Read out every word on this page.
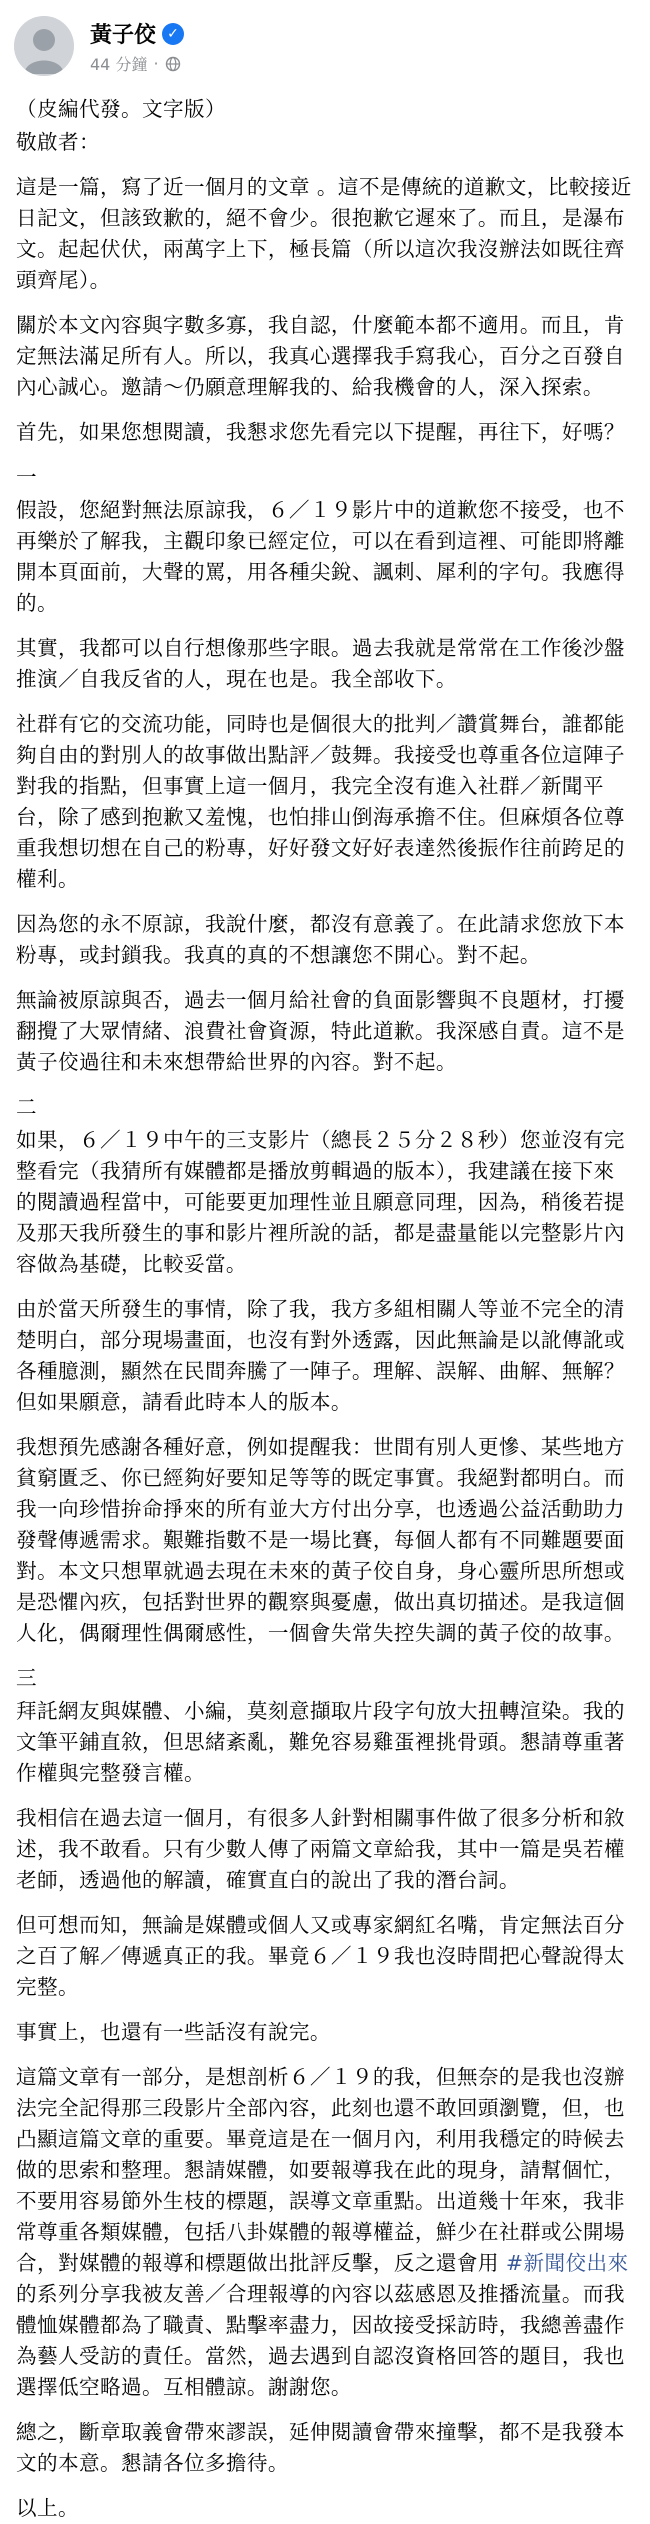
黃子佼 ✓
44 分鐘 ·

（皮編代發。文字版）

敬啟者：

這是一篇，寫了近一個月的文章 。這不是傳統的道歉文，比較接近日記文，但該致歉的，絕不會少。很抱歉它遲來了。而且，是瀑布文。起起伏伏，兩萬字上下，極長篇（所以這次我沒辦法如既往齊頭齊尾）。

關於本文內容與字數多寡，我自認，什麼範本都不適用。而且，肯定無法滿足所有人。所以，我真心選擇我手寫我心，百分之百發自內心誠心。邀請～仍願意理解我的、給我機會的人，深入探索。

首先，如果您想閱讀，我懇求您先看完以下提醒，再往下，好嗎？

一

假設，您絕對無法原諒我，６／１９影片中的道歉您不接受，也不再樂於了解我，主觀印象已經定位，可以在看到這裡、可能即將離開本頁面前，大聲的罵，用各種尖銳、諷刺、犀利的字句。我應得的。

其實，我都可以自行想像那些字眼。過去我就是常常在工作後沙盤推演／自我反省的人，現在也是。我全部收下。

社群有它的交流功能，同時也是個很大的批判／讚賞舞台，誰都能夠自由的對別人的故事做出點評／鼓舞。我接受也尊重各位這陣子對我的指點，但事實上這一個月，我完全沒有進入社群／新聞平台，除了感到抱歉又羞愧，也怕排山倒海承擔不住。但麻煩各位尊重我想切想在自己的粉專，好好發文好好表達然後振作往前跨足的權利。

因為您的永不原諒，我說什麼，都沒有意義了。在此請求您放下本粉專，或封鎖我。我真的真的不想讓您不開心。對不起。

無論被原諒與否，過去一個月給社會的負面影響與不良題材，打擾翻攪了大眾情緒、浪費社會資源，特此道歉。我深感自責。這不是黃子佼過往和未來想帶給世界的內容。對不起。

二

如果，６／１９中午的三支影片（總長２５分２８秒）您並沒有完整看完（我猜所有媒體都是播放剪輯過的版本），我建議在接下來的閱讀過程當中，可能要更加理性並且願意同理，因為，稍後若提及那天我所發生的事和影片裡所說的話，都是盡量能以完整影片內容做為基礎，比較妥當。

由於當天所發生的事情，除了我，我方多組相關人等並不完全的清楚明白，部分現場畫面，也沒有對外透露，因此無論是以訛傳訛或各種臆測，顯然在民間奔騰了一陣子。理解、誤解、曲解、無解？但如果願意，請看此時本人的版本。

我想預先感謝各種好意，例如提醒我：世間有別人更慘、某些地方貧窮匱乏、你已經夠好要知足等等的既定事實。我絕對都明白。而我一向珍惜拚命掙來的所有並大方付出分享，也透過公益活動助力發聲傳遞需求。艱難指數不是一場比賽，每個人都有不同難題要面對。本文只想單就過去現在未來的黃子佼自身，身心靈所思所想或是恐懼內疚，包括對世界的觀察與憂慮，做出真切描述。是我這個人化，偶爾理性偶爾感性，一個會失常失控失調的黃子佼的故事。

三

拜託網友與媒體、小編，莫刻意擷取片段字句放大扭轉渲染。我的文筆平鋪直敘，但思緒紊亂，難免容易雞蛋裡挑骨頭。懇請尊重著作權與完整發言權。

我相信在過去這一個月，有很多人針對相關事件做了很多分析和敘述，我不敢看。只有少數人傳了兩篇文章給我，其中一篇是吳若權老師，透過他的解讀，確實直白的說出了我的潛台詞。

但可想而知，無論是媒體或個人又或專家網紅名嘴，肯定無法百分之百了解／傳遞真正的我。畢竟６／１９我也沒時間把心聲說得太完整。

事實上，也還有一些話沒有說完。

這篇文章有一部分，是想剖析６／１９的我，但無奈的是我也沒辦法完全記得那三段影片全部內容，此刻也還不敢回頭瀏覽，但，也凸顯這篇文章的重要。畢竟這是在一個月內，利用我穩定的時候去做的思索和整理。懇請媒體，如要報導我在此的現身，請幫個忙，不要用容易節外生枝的標題，誤導文章重點。出道幾十年來，我非常尊重各類媒體，包括八卦媒體的報導權益，鮮少在社群或公開場合，對媒體的報導和標題做出批評反擊，反之還會用 #新聞佼出來 的系列分享我被友善／合理報導的內容以茲感恩及推播流量。而我體恤媒體都為了職責、點擊率盡力，因故接受採訪時，我總善盡作為藝人受訪的責任。當然，過去遇到自認沒資格回答的題目，我也選擇低空略過。互相體諒。謝謝您。

總之，斷章取義會帶來謬誤，延伸閱讀會帶來撞擊，都不是我發本文的本意。懇請各位多擔待。

以上。
